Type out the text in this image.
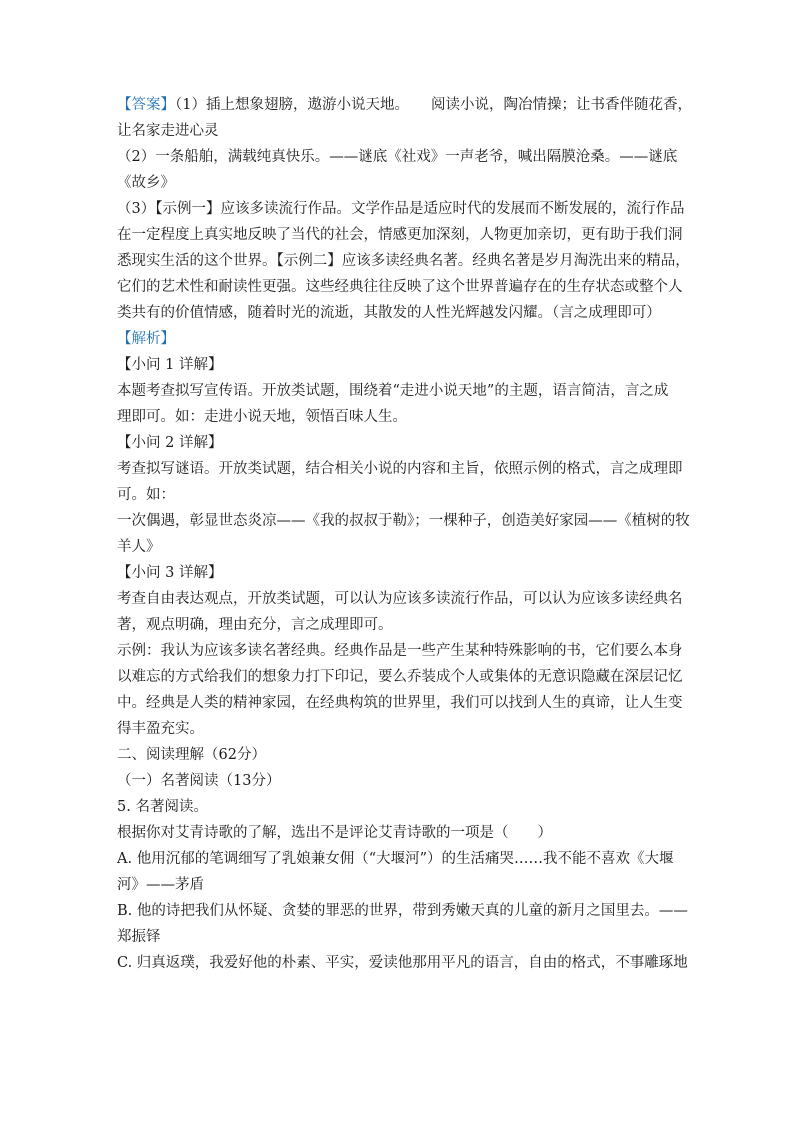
【答案】（1）插上想象翅膀，遨游小说天地。 阅读小说，陶冶情操；让书香伴随花香，
让名家走进心灵
（2）一条船舶，满载纯真快乐。——谜底《社戏》一声老爷，喊出隔膜沧桑。——谜底
《故乡》
（3）【示例一】应该多读流行作品。文学作品是适应时代的发展而不断发展的，流行作品
在一定程度上真实地反映了当代的社会，情感更加深刻，人物更加亲切，更有助于我们洞
悉现实生活的这个世界。【示例二】应该多读经典名著。经典名著是岁月淘洗出来的精品，
它们的艺术性和耐读性更强。这些经典往往反映了这个世界普遍存在的生存状态或整个人
类共有的价值情感，随着时光的流逝，其散发的人性光辉越发闪耀。（言之成理即可）
【解析】
【小问 1 详解】
本题考查拟写宣传语。开放类试题，围绕着“走进小说天地”的主题，语言简洁，言之成
理即可。如：走进小说天地，领悟百味人生。
【小问 2 详解】
考查拟写谜语。开放类试题，结合相关小说的内容和主旨，依照示例的格式，言之成理即
可。如：
一次偶遇，彰显世态炎凉——《我的叔叔于勒》；一棵种子，创造美好家园——《植树的牧
羊人》
【小问 3 详解】
考查自由表达观点，开放类试题，可以认为应该多读流行作品，可以认为应该多读经典名
著，观点明确，理由充分，言之成理即可。
示例：我认为应该多读名著经典。经典作品是一些产生某种特殊影响的书，它们要么本身
以难忘的方式给我们的想象力打下印记，要么乔装成个人或集体的无意识隐藏在深层记忆
中。经典是人类的精神家园，在经典构筑的世界里，我们可以找到人生的真谛，让人生变
得丰盈充实。
二、阅读理解（62分）
（一）名著阅读（13分）
5. 名著阅读。
根据你对艾青诗歌的了解，选出不是评论艾青诗歌的一项是（　　）
A. 他用沉郁的笔调细写了乳娘兼女佣（“大堰河”）的生活痛哭……我不能不喜欢《大堰
河》——茅盾
B. 他的诗把我们从怀疑、贪婪的罪恶的世界，带到秀嫩天真的儿童的新月之国里去。——
郑振铎
C. 归真返璞，我爱好他的朴素、平实，爱读他那用平凡的语言，自由的格式，不事雕琢地
